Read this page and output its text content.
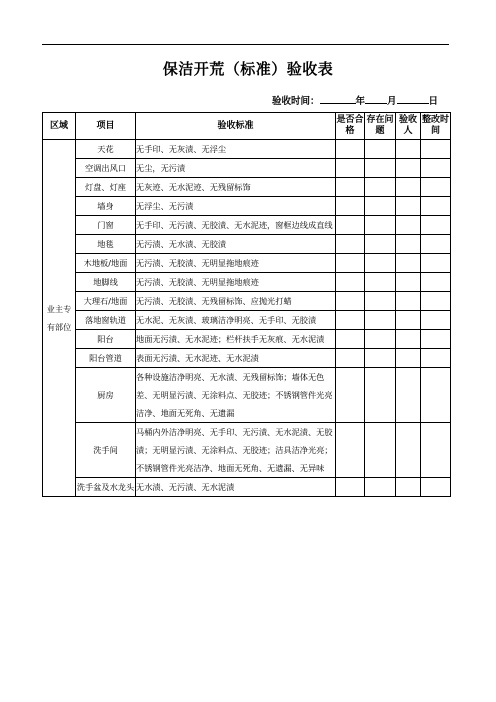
保洁开荒（标准）验收表
验收时间：	年 月	日
区域	项目	验收标准	是否合格	存在问题	验收人	整改时间
业主专有部位	天花	无手印、无灰渍、无浮尘				
	空调出风口	无尘，无污渍				
	灯盘、灯座	无灰迹、无水泥迹、无残留标饰				
	墙身	无浮尘、无污渍				
	门窗	无手印、无污渍、无胶渍、无水泥迹，窗框边线成直线				
	地毯	无污渍、无水渍、无胶渍				
	木地板/地面	无污渍、无胶渍、无明显拖地痕迹				
	地脚线	无污渍、无胶渍、无明显拖地痕迹				
	大理石/地面	无污渍、无胶渍、无残留标饰、应抛光打蜡				
	落地窗轨道	无水泥、无灰渍、玻璃洁净明亮、无手印、无胶渍				
	阳台	地面无污渍、无水泥迹；栏杆扶手无灰痕、无水泥渍				
	阳台管道	表面无污渍、无水泥迹、无水泥渍				
	厨房	各种设施洁净明亮、无水渍、无残留标饰；墙体无色差、无明显污渍、无涂料点、无胶迹；不锈钢管件光亮洁净、地面无死角、无遗漏				
	洗手间	马桶内外洁净明亮、无手印、无污渍、无水泥渍、无胶渍；无明显污渍、无涂料点、无胶迹；洁具洁净光亮；不锈钢管件光亮洁净、地面无死角、无遗漏、无异味				
	洗手盆及水龙头	无水渍、无污渍、无水泥渍				
